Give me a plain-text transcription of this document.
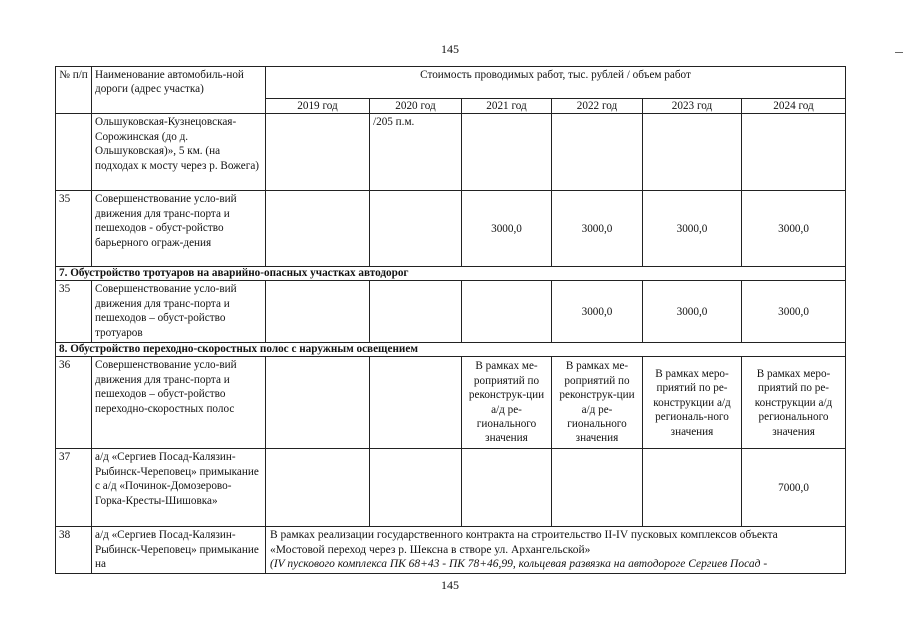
145
№ п/п	Наименование автомобиль-ной дороги (адрес участка)	Стоимость проводимых работ, тыс. рублей / объем работ					
		2019 год	2020 год	2021 год	2022 год	2023 год	2024 год
	Ольшуковская-Кузнецовская-Сорожинская (до д. Ольшуковская)», 5 км. (на подходах к мосту через р. Вожега)		/205 п.м.				
35	Совершенствование усло-вий движения для транс-порта и пешеходов - обуст-ройство барьерного ограж-дения			3000,0	3000,0	3000,0	3000,0
7. Обустройство тротуаров на аварийно-опасных участках автодорог							
35	Совершенствование усло-вий движения для транс-порта и пешеходов – обуст-ройство тротуаров				3000,0	3000,0	3000,0
8. Обустройство переходно-скоростных полос с наружным освещением							
36	Совершенствование усло-вий движения для транс-порта и пешеходов – обуст-ройство переходно-скоростных полос			В рамках ме-роприятий по реконструк-ции а/д ре-гионального значения	В рамках ме-роприятий по реконструк-ции а/д ре-гионального значения	В рамках меро-приятий по ре-конструкции а/д региональ-ного значения	В рамках меро-приятий по ре-конструкции а/д регионального значения
37	а/д «Сергиев Посад-Калязин-Рыбинск-Череповец» примыкание с а/д «Починок-Домозерово-Горка-Кресты-Шишовка»						7000,0
38	а/д «Сергиев Посад-Калязин-Рыбинск-Череповец» примыкание на	В рамках реализации государственного контракта на строительство II-IV пусковых комплексов объекта
«Мостовой переход через р. Шексна в створе ул. Архангельской»
(IV пускового комплекса ПК 68+43 - ПК 78+46,99, кольцевая развязка на автодороге Сергиев Посад -					
145
